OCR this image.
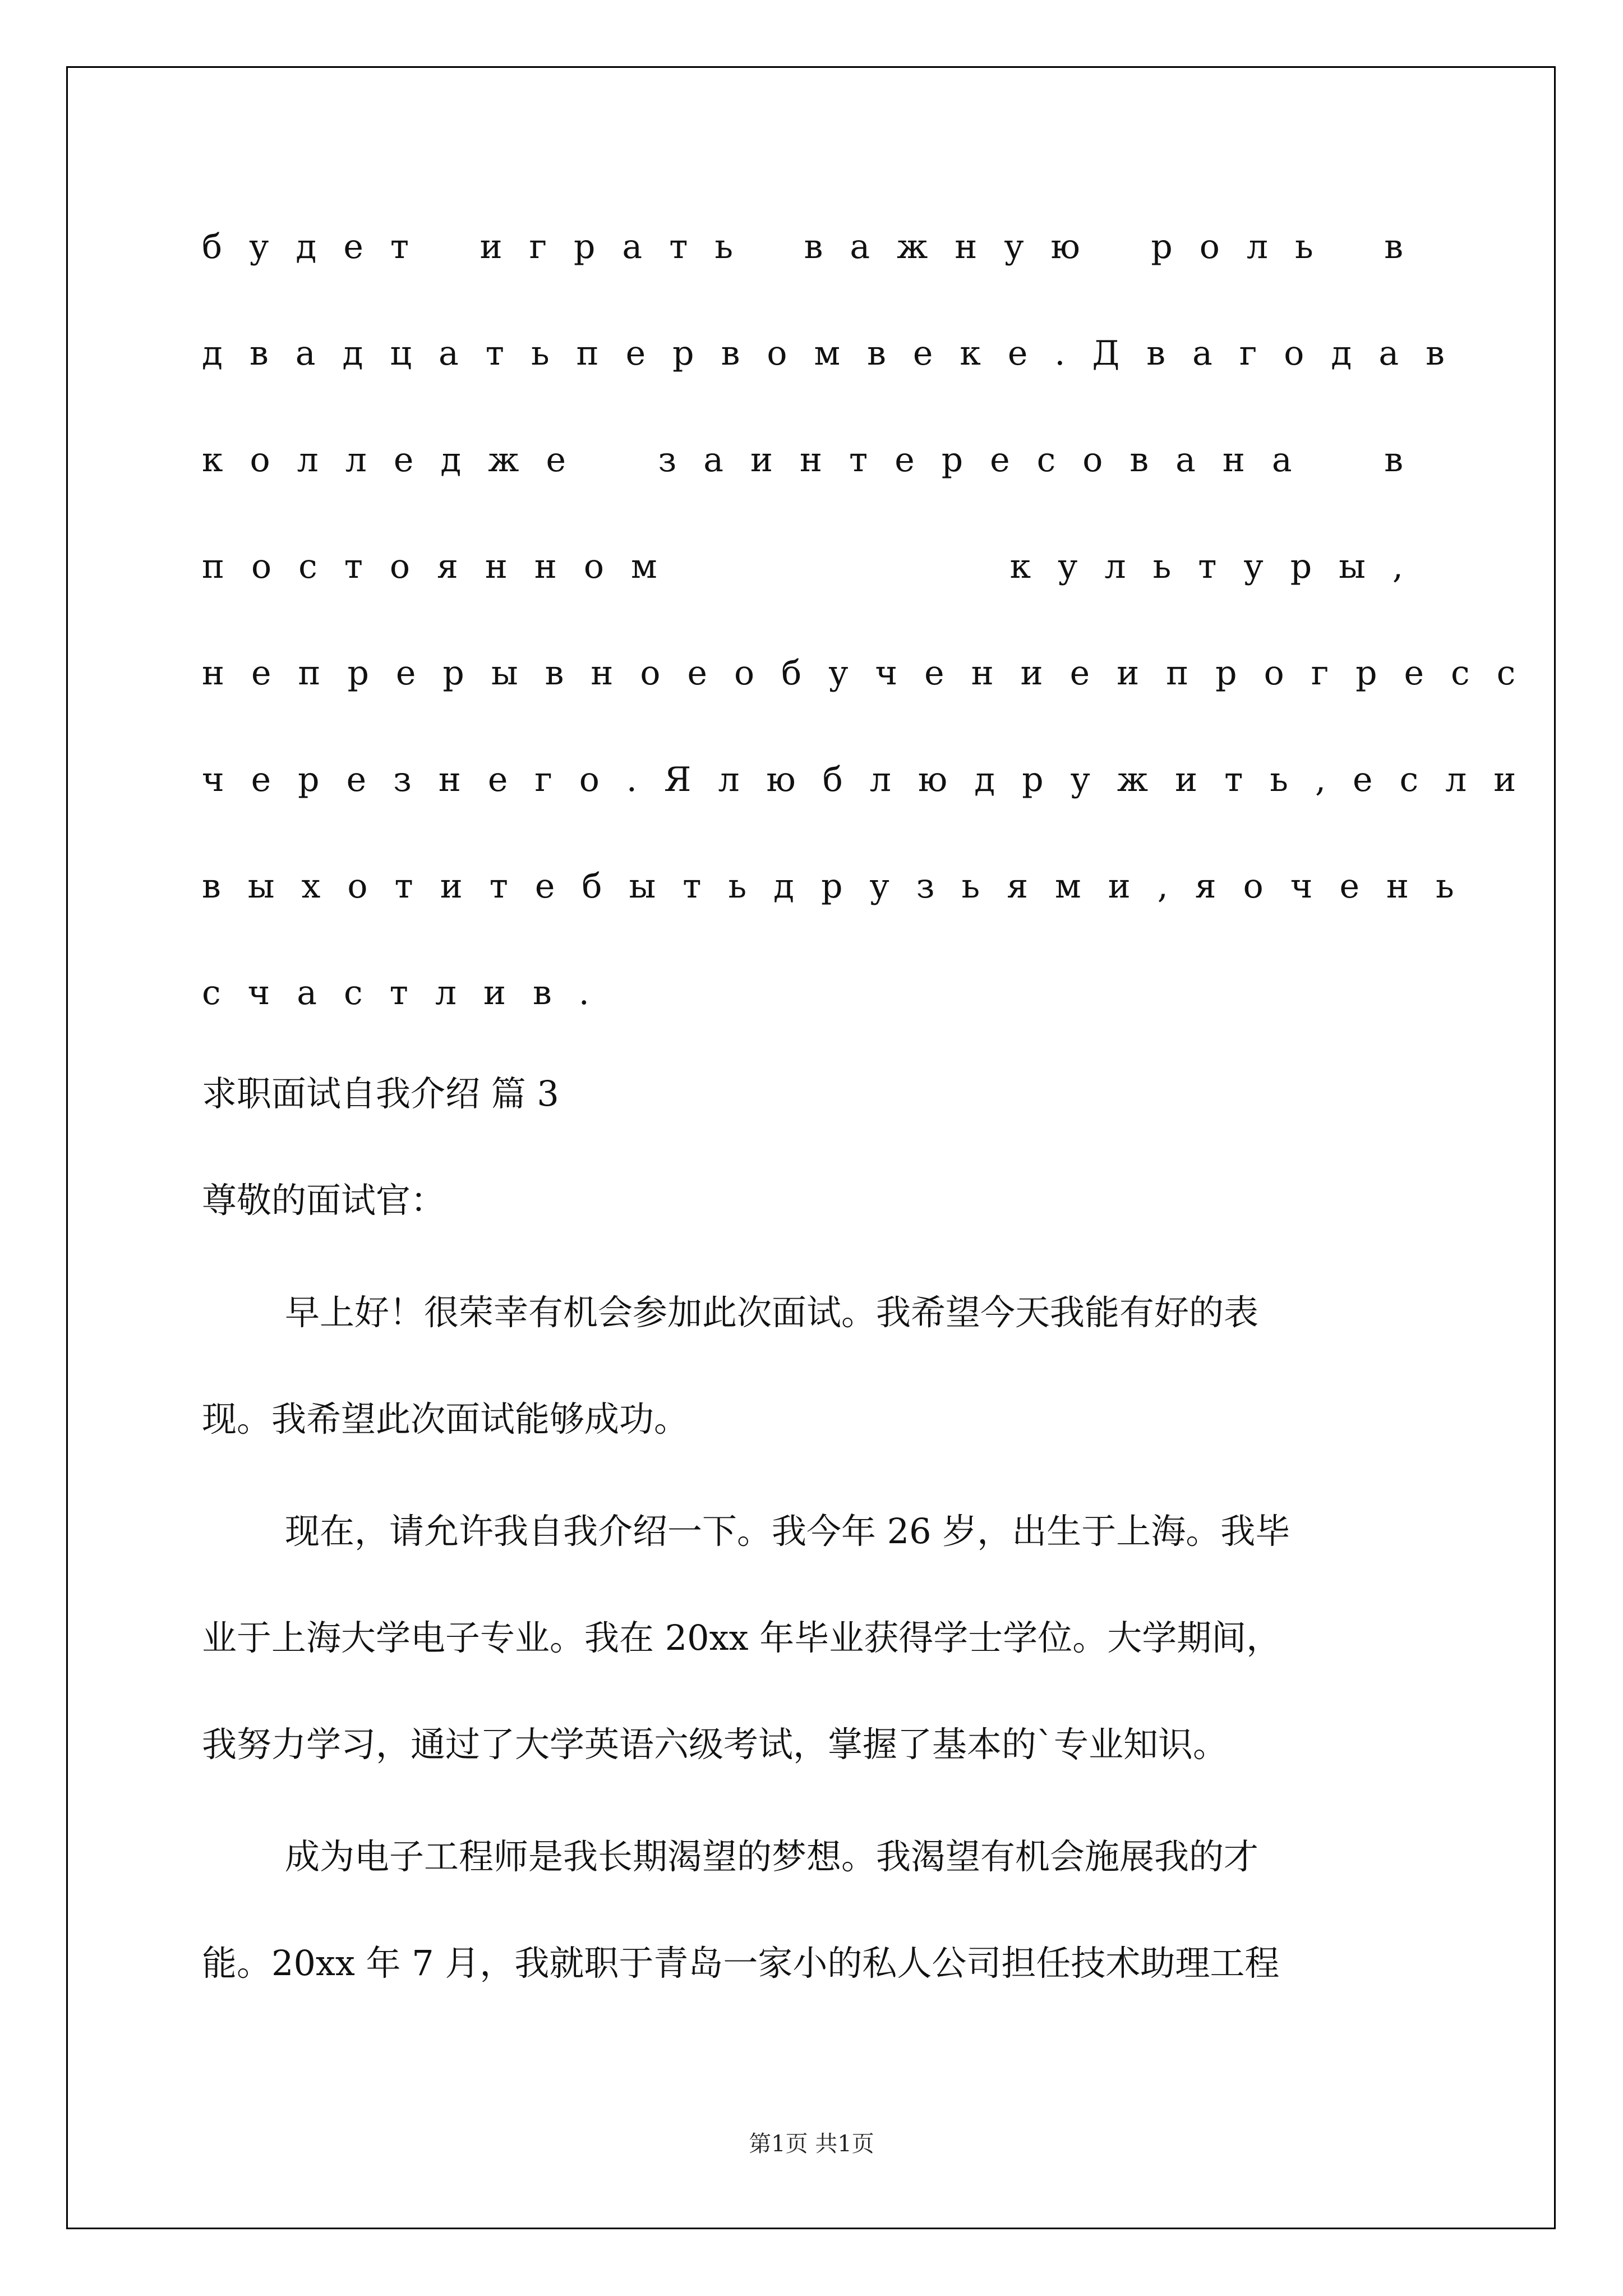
будет играть важную роль в
двадцать первом веке. Два года в
колледже заинтересована в
постоянном	культуры,
непрерывное обучение и прогресс
через него. Я люблю дружить, если
вы хотите быть друзьями, я очень
счастлив.
求职面试自我介绍 篇 3
尊敬的面试官：
早上好！很荣幸有机会参加此次面试。我希望今天我能有好的表
现。我希望此次面试能够成功。
现在，请允许我自我介绍一下。我今年 26 岁，出生于上海。我毕
业于上海大学电子专业。我在 20xx 年毕业获得学士学位。大学期间，
我努力学习，通过了大学英语六级考试，掌握了基本的`专业知识。
成为电子工程师是我长期渴望的梦想。我渴望有机会施展我的才
能。20xx 年 7 月，我就职于青岛一家小的私人公司担任技术助理工程
第1页 共1页
